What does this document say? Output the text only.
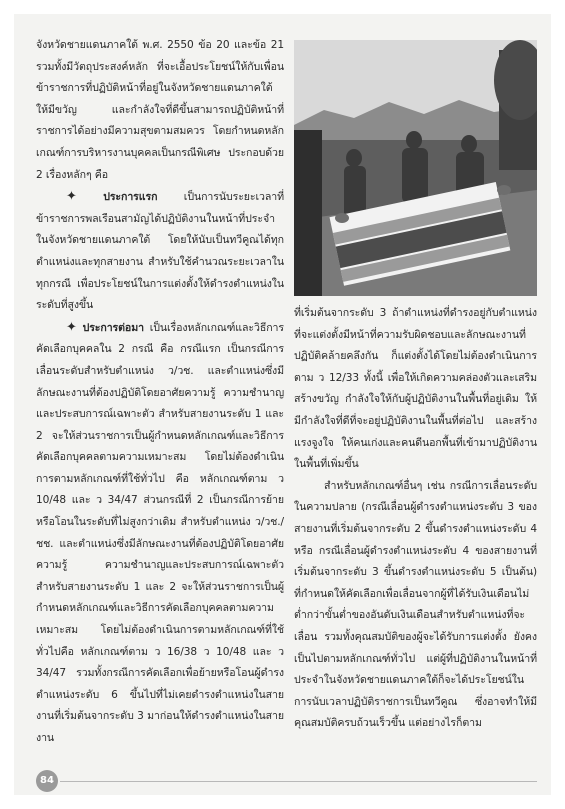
จังหวัดชายแดนภาคใต้ พ.ศ. 2550 ข้อ 20 และข้อ 21 รวมทั้งมีวัตถุประสงค์หลัก ที่จะเอื้อประโยชน์ให้กับเพื่อนข้าราชการที่ปฏิบัติหน้าที่อยู่ในจังหวัดชายแดนภาคใต้ ให้มีขวัญ และกำลังใจที่ดีขึ้นสามารถปฏิบัติหน้าที่ราชการได้อย่างมีความสุขตามสมควร โดยกำหนดหลักเกณฑ์การบริหารงานบุคคลเป็นกรณีพิเศษ ประกอบด้วย 2 เรื่องหลักๆ คือ

✦ ประการแรก เป็นการนับระยะเวลาที่ข้าราชการพลเรือนสามัญได้ปฏิบัติงานในหน้าที่ประจำในจังหวัดชายแดนภาคใต้ โดยให้นับเป็นทวีคูณได้ทุกตำแหน่งและทุกสายงาน สำหรับใช้คำนวณระยะเวลาในทุกกรณี เพื่อประโยชน์ในการแต่งตั้งให้ดำรงตำแหน่งในระดับที่สูงขึ้น

✦ ประการต่อมา เป็นเรื่องหลักเกณฑ์และวิธีการคัดเลือกบุคคลใน 2 กรณี คือ กรณีแรก เป็นกรณีการเลื่อนระดับสำหรับตำแหน่ง ว/วช. และตำแหน่งซึ่งมีลักษณะงานที่ต้องปฏิบัติโดยอาศัยความรู้ ความชำนาญและประสบการณ์เฉพาะตัว สำหรับสายงานระดับ 1 และ 2 จะให้ส่วนราชการเป็นผู้กำหนดหลักเกณฑ์และวิธีการคัดเลือกบุคคลตามความเหมาะสม โดยไม่ต้องดำเนินการตามหลักเกณฑ์ที่ใช้ทั่วไป คือ หลักเกณฑ์ตาม ว 10/48 และ ว 34/47 ส่วนกรณีที่ 2 เป็นกรณีการย้ายหรือโอนในระดับที่ไม่สูงกว่าเดิม สำหรับตำแหน่ง ว/วช./ชช. และตำแหน่งซึ่งมีลักษณะงานที่ต้องปฏิบัติโดยอาศัยความรู้ ความชำนาญและประสบการณ์เฉพาะตัว สำหรับสายงานระดับ 1 และ 2 จะให้ส่วนราชการเป็นผู้กำหนดหลักเกณฑ์และวิธีการคัดเลือกบุคคลตามความเหมาะสม โดยไม่ต้องดำเนินการตามหลักเกณฑ์ที่ใช้ทั่วไปคือ หลักเกณฑ์ตาม ว 16/38 ว 10/48 และ ว 34/47 รวมทั้งกรณีการคัดเลือกเพื่อย้ายหรือโอนผู้ดำรงตำแหน่งระดับ 6 ขึ้นไปที่ไม่เคยดำรงตำแหน่งในสายงานที่เริ่มต้นจากระดับ 3 มาก่อนให้ดำรงตำแหน่งในสายงาน

ที่เริ่มต้นจากระดับ 3 ถ้าตำแหน่งที่ดำรงอยู่กับตำแหน่งที่จะแต่งตั้งมีหน้าที่ความรับผิดชอบและลักษณะงานที่ปฏิบัติคล้ายคลึงกัน ก็แต่งตั้งได้โดยไม่ต้องดำเนินการตาม ว 12/33 ทั้งนี้ เพื่อให้เกิดความคล่องตัวและเสริมสร้างขวัญ กำลังใจให้กับผู้ปฏิบัติงานในพื้นที่อยู่เดิม ให้มีกำลังใจที่ดีที่จะอยู่ปฏิบัติงานในพื้นที่ต่อไป และสร้างแรงจูงใจ ให้คนเก่งและคนดีนอกพื้นที่เข้ามาปฏิบัติงานในพื้นที่เพิ่มขึ้น

สำหรับหลักเกณฑ์อื่นๆ เช่น กรณีการเลื่อนระดับในความปลาย (กรณีเลื่อนผู้ดำรงตำแหน่งระดับ 3 ของสายงานที่เริ่มต้นจากระดับ 2 ขึ้นดำรงตำแหน่งระดับ 4 หรือ กรณีเลื่อนผู้ดำรงตำแหน่งระดับ 4 ของสายงานที่เริ่มต้นจากระดับ 3 ขึ้นดำรงตำแหน่งระดับ 5 เป็นต้น) ที่กำหนดให้คัดเลือกเพื่อเลื่อนจากผู้ที่ได้รับเงินเดือนไม่ต่ำกว่าขั้นต่ำของอันดับเงินเดือนสำหรับตำแหน่งที่จะเลื่อน รวมทั้งคุณสมบัติของผู้จะได้รับการแต่งตั้ง ยังคงเป็นไปตามหลักเกณฑ์ทั่วไป แต่ผู้ที่ปฏิบัติงานในหน้าที่ประจำในจังหวัดชายแดนภาคใต้ก็จะได้ประโยชน์ในการนับเวลาปฏิบัติราชการเป็นทวีคูณ ซึ่งอาจทำให้มีคุณสมบัติครบถ้วนเร็วขึ้น แต่อย่างไรก็ตาม

84
